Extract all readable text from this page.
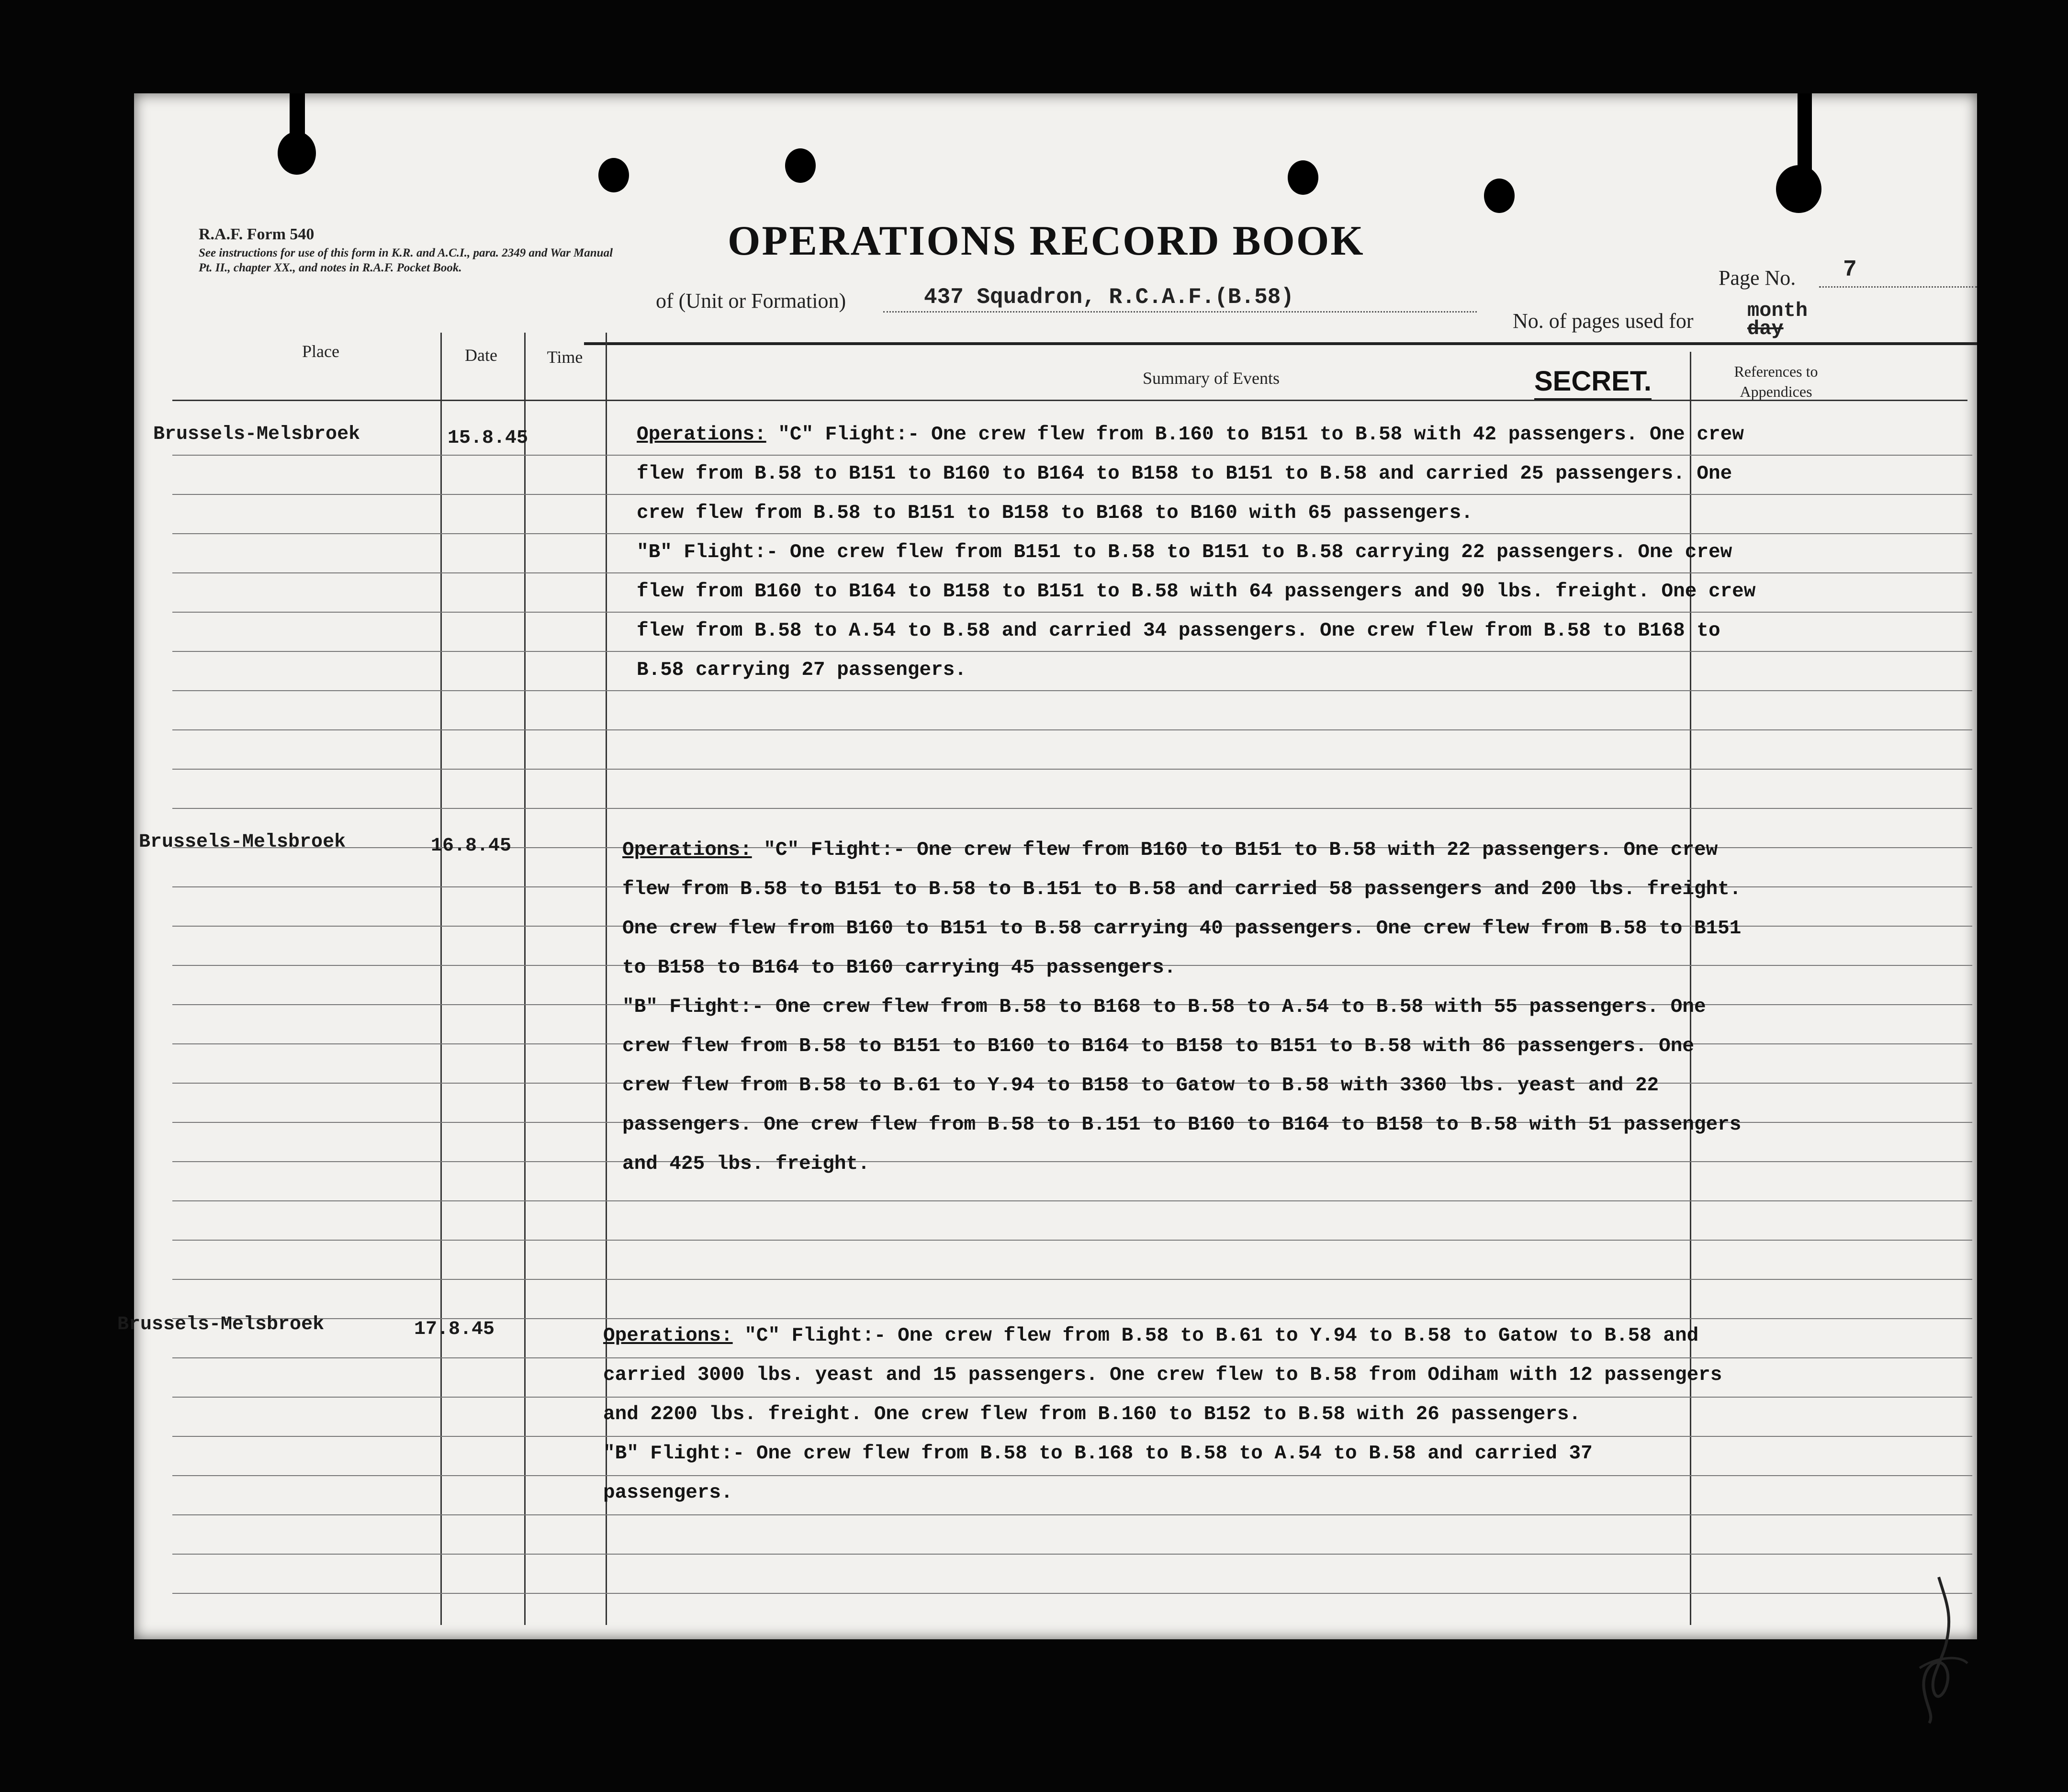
R.A.F. Form 540
See instructions for use of this form in K.R. and A.C.I., para. 2349 and War Manual Pt. II., chapter XX., and notes in R.A.F. Pocket Book.
OPERATIONS RECORD BOOK
of (Unit or Formation)	437 Squadron, R.C.A.F.(B.58)
Page No. 7
No. of pages used for	month
day
Place	Date	Time
Summary of Events	SECRET.	References to Appendices
Brussels-Melsbroek	15.8.45	Operations: "C" Flight:- One crew flew from B.160 to B151 to B.58 with 42 passengers. One crew flew from B.58 to B151 to B160 to B164 to B158 to B151 to B.58 and carried 25 passengers. One crew flew from B.58 to B151 to B158 to B168 to B160 with 65 passengers.

"B" Flight:- One crew flew from B151 to B.58 to B151 to B.58 carrying 22 passengers. One crew flew from B160 to B164 to B158 to B151 to B.58 with 64 passengers and 90 lbs. freight. One crew flew from B.58 to A.54 to B.58 and carried 34 passengers. One crew flew from B.58 to B168 to B.58 carrying 27 passengers.

Brussels-Melsbroek	16.8.45	Operations: "C" Flight:- One crew flew from B160 to B151 to B.58 with 22 passengers. One crew flew from B.58 to B151 to B.58 to B.151 to B.58 and carried 58 passengers and 200 lbs. freight. One crew flew from B160 to B151 to B.58 carrying 40 passengers. One crew flew from B.58 to B151 to B158 to B164 to B160 carrying 45 passengers.

"B" Flight:- One crew flew from B.58 to B168 to B.58 to A.54 to B.58 with 55 passengers. One crew flew from B.58 to B151 to B160 to B164 to B158 to B151 to B.58 with 86 passengers. One crew flew from B.58 to B.61 to Y.94 to B158 to Gatow to B.58 with 3360 lbs. yeast and 22 passengers. One crew flew from B.58 to B.151 to B160 to B164 to B158 to B.58 with 51 passengers and 425 lbs. freight.

Brussels-Melsbroek	17.8.45	Operations: "C" Flight:- One crew flew from B.58 to B.61 to Y.94 to B.58 to Gatow to B.58 and carried 3000 lbs. yeast and 15 passengers. One crew flew to B.58 from Odiham with 12 passengers and 2200 lbs. freight. One crew flew from B.160 to B152 to B.58 with 26 passengers.

"B" Flight:- One crew flew from B.58 to B.168 to B.58 to A.54 to B.58 and carried 37 passengers.
